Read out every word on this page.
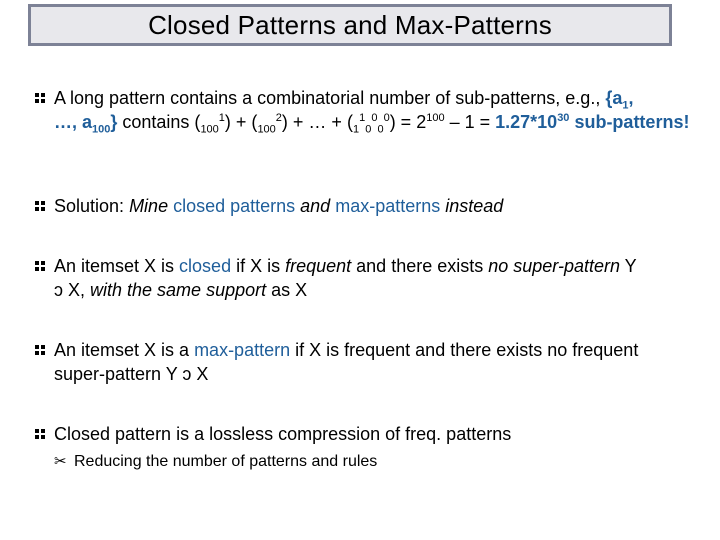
Closed Patterns and Max-Patterns
A long pattern contains a combinatorial number of sub-patterns, e.g., {$a_1$,
…, $a_{100}$} contains $(_{100}^1) + (_{100}^2)$ + … + $(_1^1_0^0_0^0) = 2^{100} - 1 = 1.27*10^{30}$ sub-patterns!
Solution: Mine closed patterns and max-patterns instead
An itemset X is closed if X is frequent and there exists no super-pattern Y
ↄ X, with the same support as X
An itemset X is a max-pattern if X is frequent and there exists no frequent super-pattern Y ↄ X
Closed pattern is a lossless compression of freq. patterns
✂ Reducing the number of patterns and rules
